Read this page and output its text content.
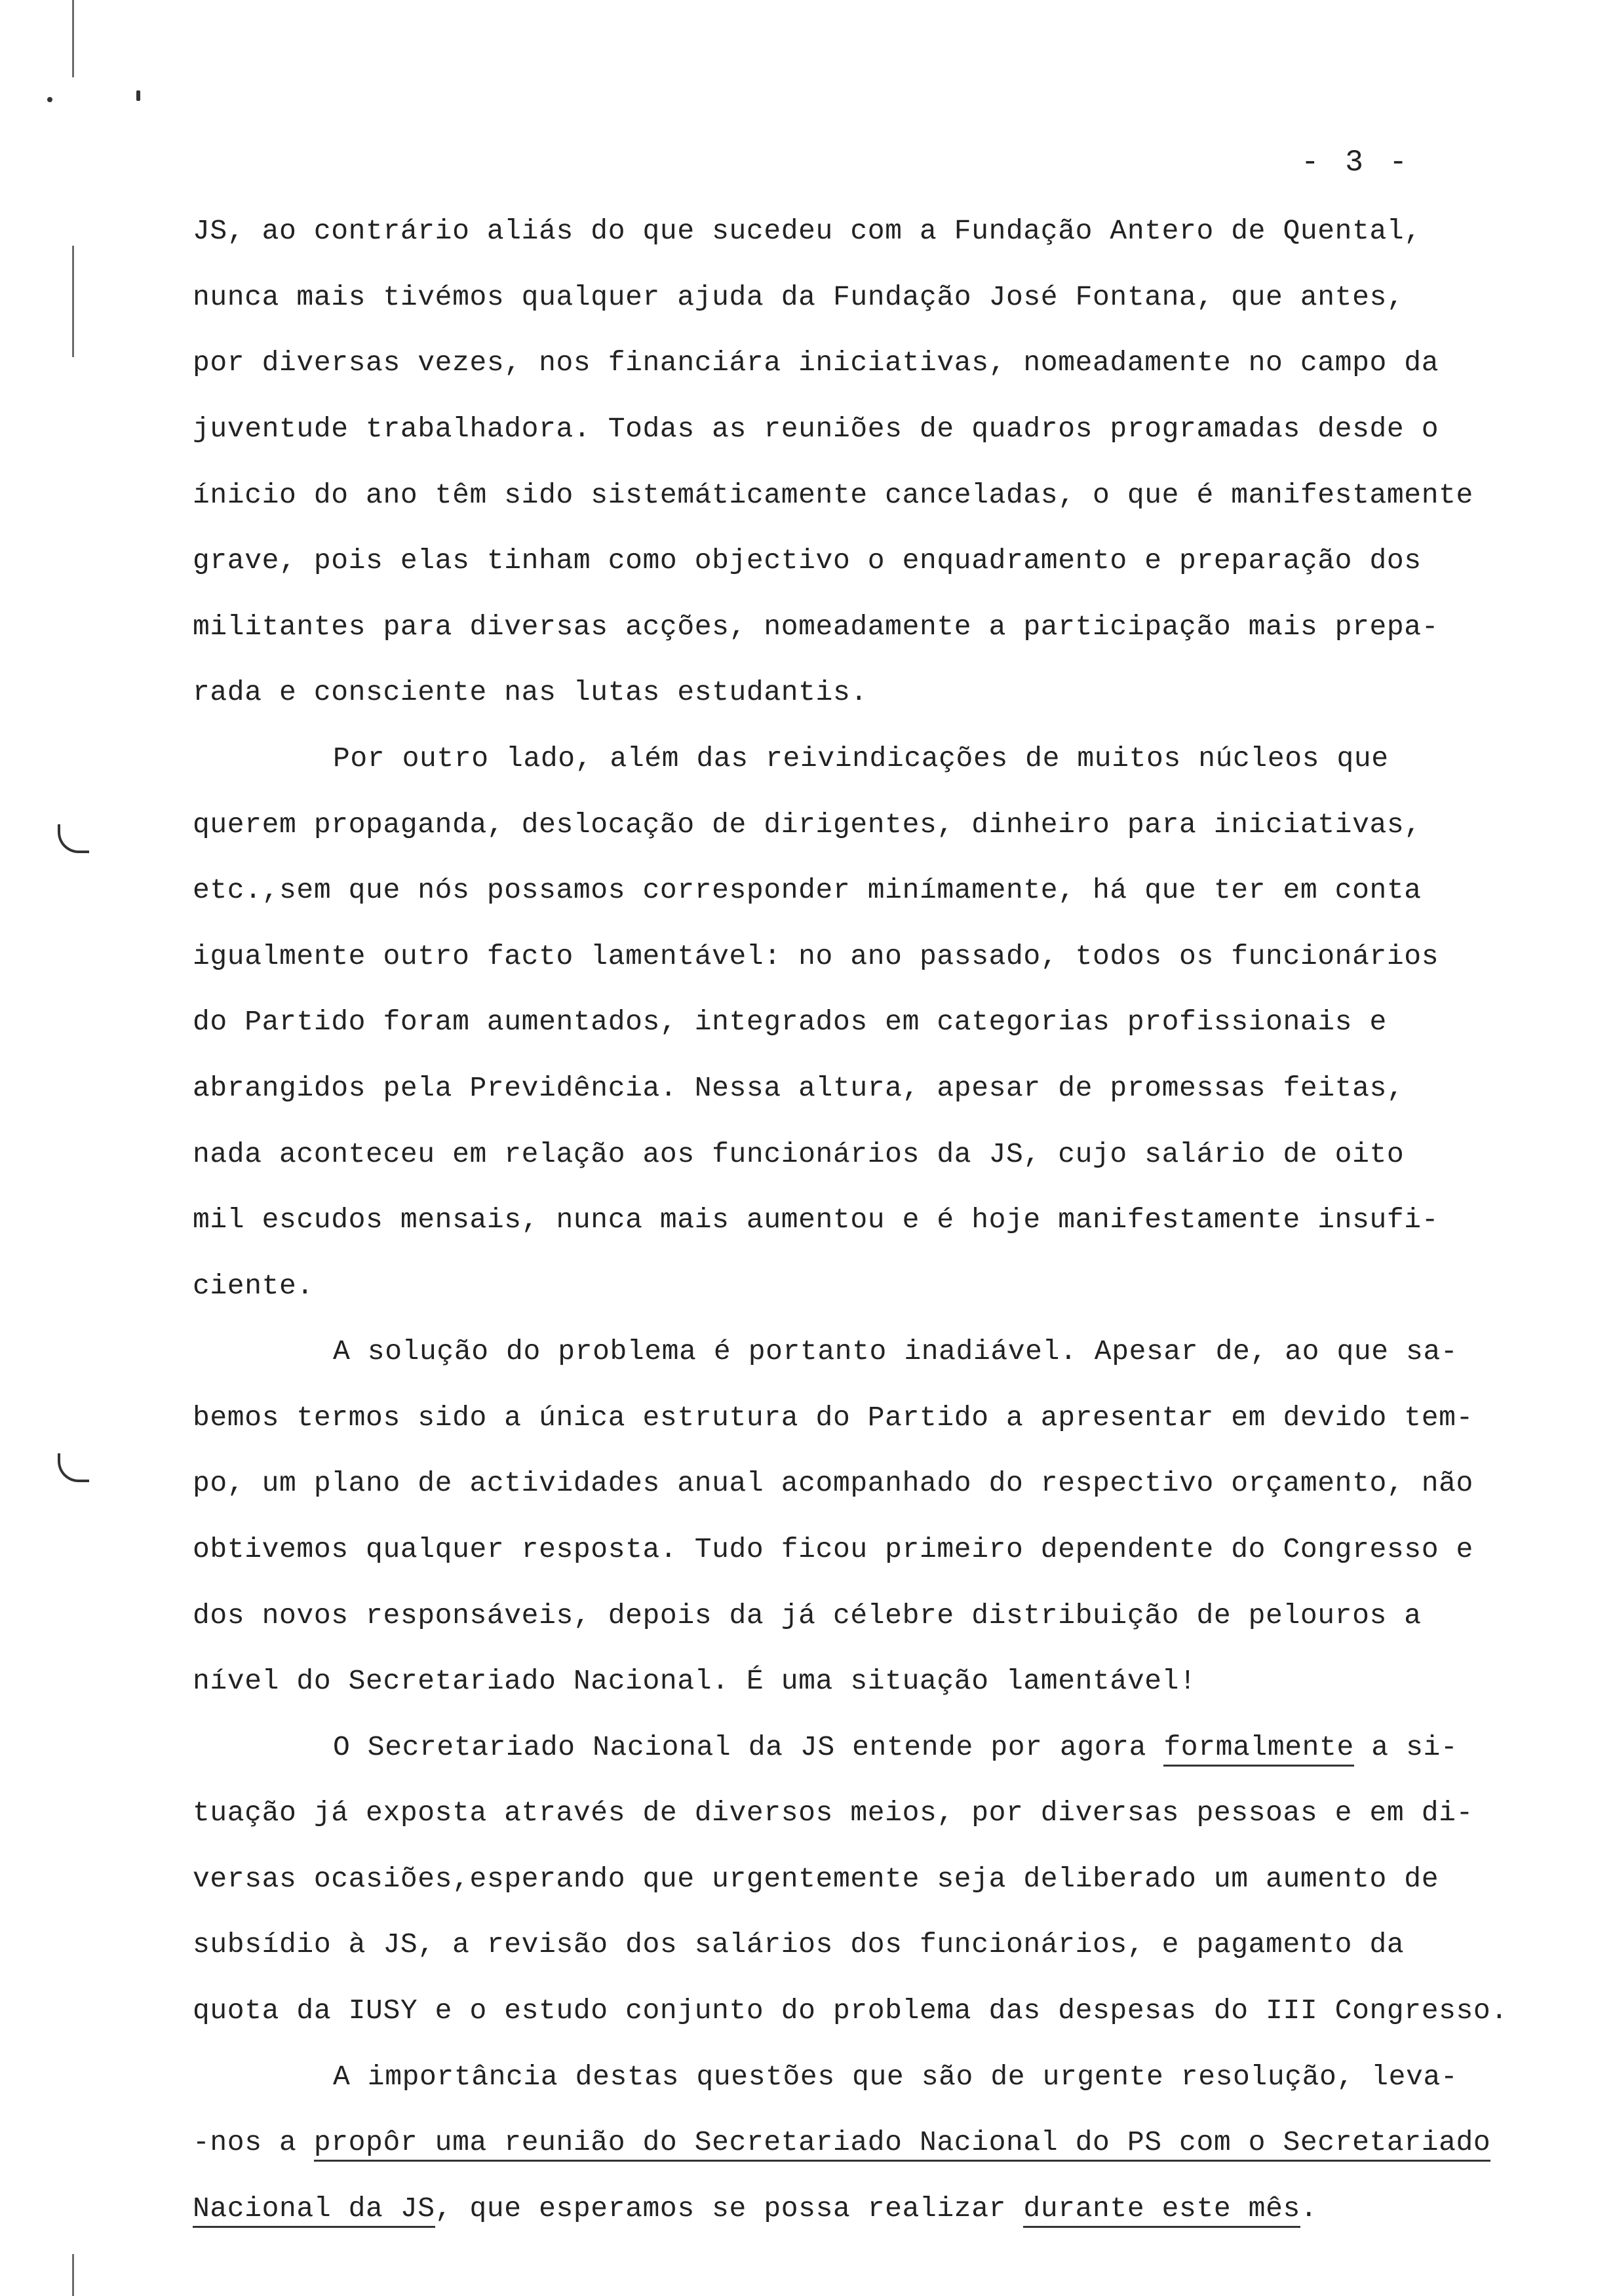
- 3 -
JS, ao contrário aliás do que sucedeu com a Fundação Antero de Quental,
nunca mais tivémos qualquer ajuda da Fundação José Fontana, que antes,
por diversas vezes, nos financiára iniciativas, nomeadamente no campo da
juventude trabalhadora. Todas as reuniões de quadros programadas desde o
ínicio do ano têm sido sistemáticamente canceladas, o que é manifestamente
grave, pois elas tinham como objectivo o enquadramento e preparação dos
militantes para diversas acções, nomeadamente a participação mais prepa-
rada e consciente nas lutas estudantis.
Por outro lado, além das reivindicações de muitos núcleos que
querem propaganda, deslocação de dirigentes, dinheiro para iniciativas,
etc.,sem que nós possamos corresponder minímamente, há que ter em conta
igualmente outro facto lamentável: no ano passado, todos os funcionários
do Partido foram aumentados, integrados em categorias profissionais e
abrangidos pela Previdência. Nessa altura, apesar de promessas feitas,
nada aconteceu em relação aos funcionários da JS, cujo salário de oito
mil escudos mensais, nunca mais aumentou e é hoje manifestamente insufi-
ciente.
A solução do problema é portanto inadiável. Apesar de, ao que sa-
bemos termos sido a única estrutura do Partido a apresentar em devido tem-
po, um plano de actividades anual acompanhado do respectivo orçamento, não
obtivemos qualquer resposta. Tudo ficou primeiro dependente do Congresso e
dos novos responsáveis, depois da já célebre distribuição de pelouros a
nível do Secretariado Nacional. É uma situação lamentável!
O Secretariado Nacional da JS entende por agora formalmente a si-
tuação já exposta através de diversos meios, por diversas pessoas e em di-
versas ocasiões,esperando que urgentemente seja deliberado um aumento de
subsídio à JS, a revisão dos salários dos funcionários, e pagamento da
quota da IUSY e o estudo conjunto do problema das despesas do III Congresso.
A importância destas questões que são de urgente resolução, leva-
-nos a propôr uma reunião do Secretariado Nacional do PS com o Secretariado
Nacional da JS, que esperamos se possa realizar durante este mês.
